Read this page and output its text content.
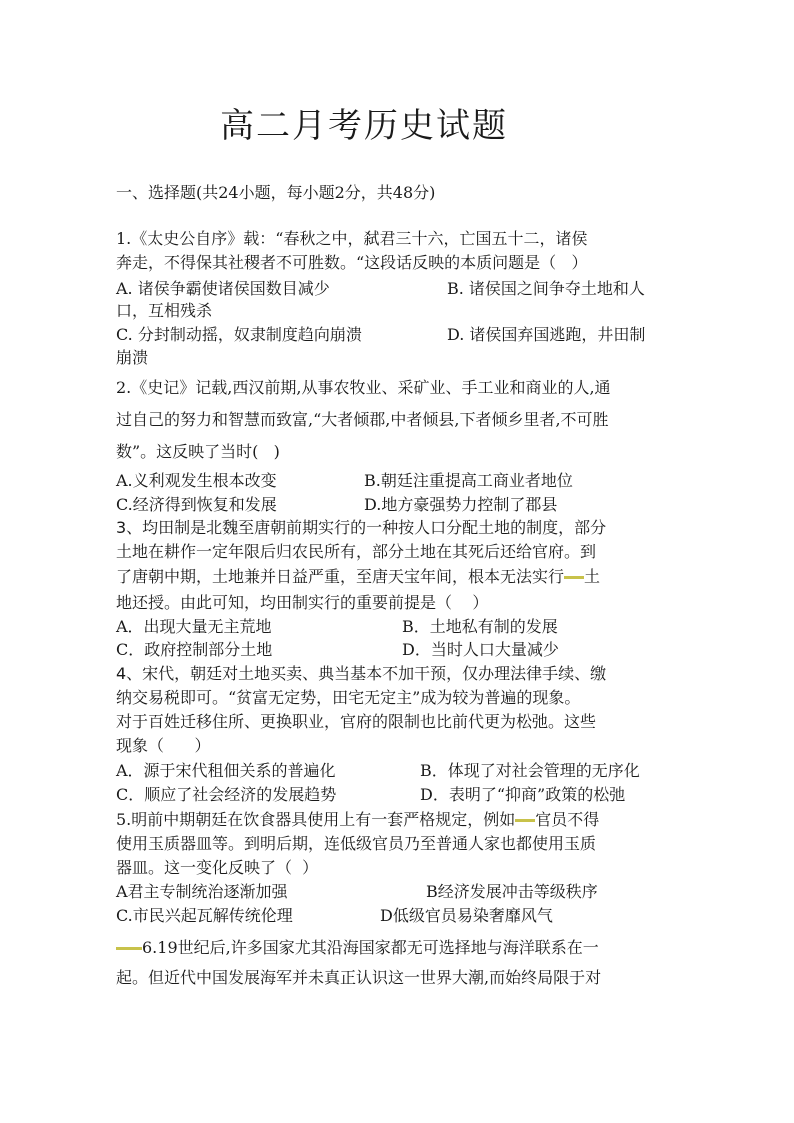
高二月考历史试题
一、选择题(共24小题，每小题2分，共48分)
1.《太史公自序》载：“春秋之中，弑君三十六，亡国五十二，诸侯
奔走，不得保其社稷者不可胜数。“这段话反映的本质问题是（   ）
A. 诸侯争霸使诸侯国数目减少	B. 诸侯国之间争夺土地和人
口，互相残杀
C. 分封制动摇，奴隶制度趋向崩溃	D. 诸侯国弃国逃跑，井田制
崩溃
2.《史记》记载,西汉前期,从事农牧业、采矿业、手工业和商业的人,通
过自己的努力和智慧而致富,“大者倾郡,中者倾县,下者倾乡里者,不可胜
数”。这反映了当时(   )
A.义利观发生根本改变	B.朝廷注重提高工商业者地位
C.经济得到恢复和发展	D.地方豪强势力控制了郡县
3、均田制是北魏至唐朝前期实行的一种按人口分配土地的制度，部分
土地在耕作一定年限后归农民所有，部分土地在其死后还给官府。到
了唐朝中期，土地兼并日益严重，至唐天宝年间，根本无法实行 土
地还授。由此可知，均田制实行的重要前提是（    ）
A．出现大量无主荒地	B．土地私有制的发展
C．政府控制部分土地	D．当时人口大量减少
4、宋代，朝廷对土地买卖、典当基本不加干预，仅办理法律手续、缴
纳交易税即可。“贫富无定势，田宅无定主”成为较为普遍的现象。
对于百姓迁移住所、更换职业，官府的限制也比前代更为松弛。这些
现象（      ）
A．源于宋代租佃关系的普遍化	B．体现了对社会管理的无序化
C．顺应了社会经济的发展趋势	D．表明了“抑商”政策的松弛
5.明前中期朝廷在饮食器具使用上有一套严格规定，例如 官员不得
使用玉质器皿等。到明后期，连低级官员乃至普通人家也都使用玉质
器皿。这一变化反映了（  ）
A君主专制统治逐渐加强	B经济发展冲击等级秩序
C.市民兴起瓦解传统伦理	D低级官员易染奢靡风气
6.19世纪后,许多国家尤其沿海国家都无可选择地与海洋联系在一
起。但近代中国发展海军并未真正认识这一世界大潮,而始终局限于对
